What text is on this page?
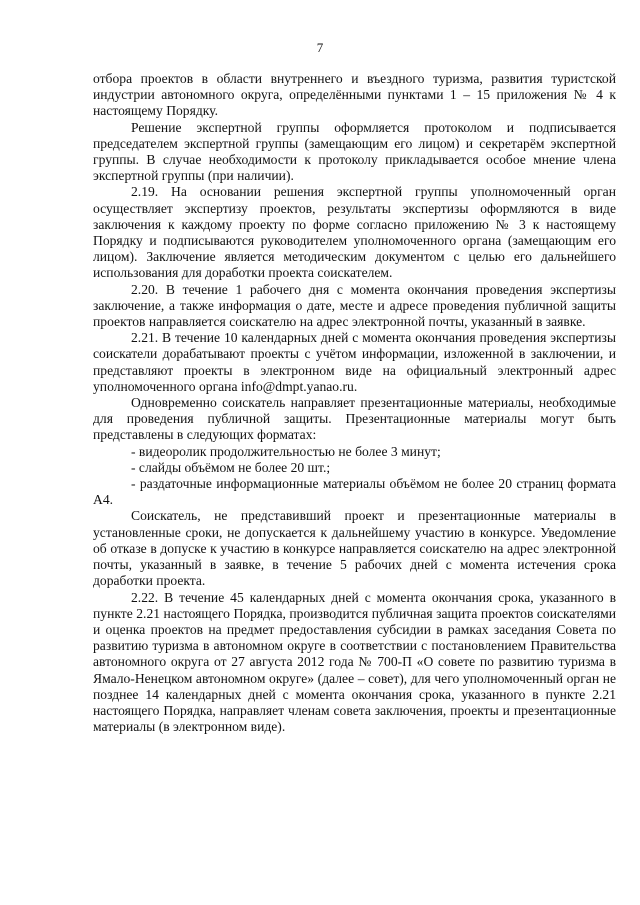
7

отбора проектов в области внутреннего и въездного туризма, развития туристской индустрии автономного округа, определёнными пунктами 1 – 15 приложения № 4 к настоящему Порядку.

Решение экспертной группы оформляется протоколом и подписывается председателем экспертной группы (замещающим его лицом) и секретарём экспертной группы. В случае необходимости к протоколу прикладывается особое мнение члена экспертной группы (при наличии).

2.19. На основании решения экспертной группы уполномоченный орган осуществляет экспертизу проектов, результаты экспертизы оформляются в виде заключения к каждому проекту по форме согласно приложению № 3 к настоящему Порядку и подписываются руководителем уполномоченного органа (замещающим его лицом). Заключение является методическим документом с целью его дальнейшего использования для доработки проекта соискателем.

2.20. В течение 1 рабочего дня с момента окончания проведения экспертизы заключение, а также информация о дате, месте и адресе проведения публичной защиты проектов направляется соискателю на адрес электронной почты, указанный в заявке.

2.21. В течение 10 календарных дней с момента окончания проведения экспертизы соискатели дорабатывают проекты с учётом информации, изложенной в заключении, и представляют проекты в электронном виде на официальный электронный адрес уполномоченного органа info@dmpt.yanao.ru.

Одновременно соискатель направляет презентационные материалы, необходимые для проведения публичной защиты. Презентационные материалы могут быть представлены в следующих форматах:

- видеоролик продолжительностью не более 3 минут;

- слайды объёмом не более 20 шт.;

- раздаточные информационные материалы объёмом не более 20 страниц формата А4.

Соискатель, не представивший проект и презентационные материалы в установленные сроки, не допускается к дальнейшему участию в конкурсе. Уведомление об отказе в допуске к участию в конкурсе направляется соискателю на адрес электронной почты, указанный в заявке, в течение 5 рабочих дней с момента истечения срока доработки проекта.

2.22. В течение 45 календарных дней с момента окончания срока, указанного в пункте 2.21 настоящего Порядка, производится публичная защита проектов соискателями и оценка проектов на предмет предоставления субсидии в рамках заседания Совета по развитию туризма в автономном округе в соответствии с постановлением Правительства автономного округа от 27 августа 2012 года № 700-П «О совете по развитию туризма в Ямало-Ненецком автономном округе» (далее – совет), для чего уполномоченный орган не позднее 14 календарных дней с момента окончания срока, указанного в пункте 2.21 настоящего Порядка, направляет членам совета заключения, проекты и презентационные материалы (в электронном виде).
